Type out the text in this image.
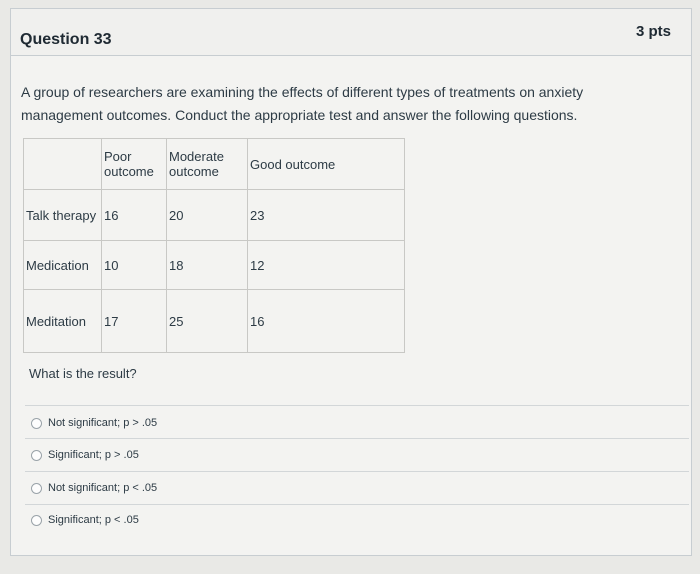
Question 33	3 pts
A group of researchers are examining the effects of different types of treatments on anxiety management outcomes. Conduct the appropriate test and answer the following questions.
	Poor outcome	Moderate outcome	Good outcome
Talk therapy	16	20	23
Medication	10	18	12
Meditation	17	25	16
What is the result?
Not significant; p > .05
Significant; p > .05
Not significant; p < .05
Significant; p < .05
